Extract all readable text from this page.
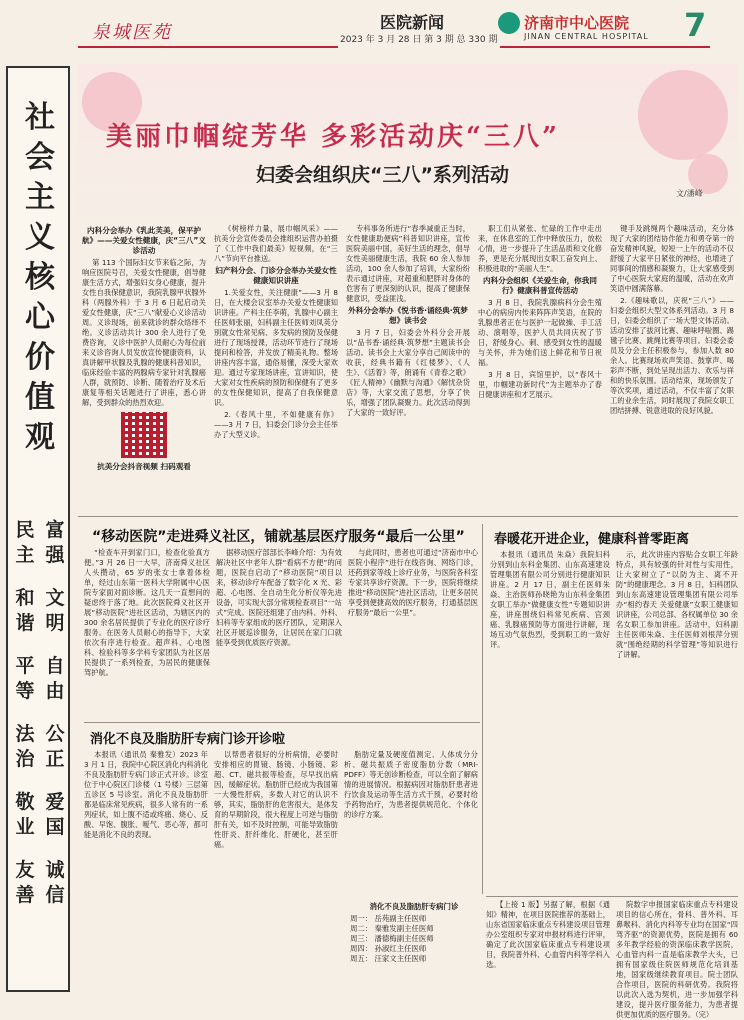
泉城医苑	医院新闻
2023 年 3 月 28 日 第 3 期 总 330 期
济南市中心医院
JINAN CENTRAL HOSPITAL 7
社会主义核心价值观
民主
富强
和谐
文明
平等
自由
法治
公正
敬业
爱国
友善
诚信
美丽巾帼绽芳华 多彩活动庆“三八”
妇委会组织庆“三八”系列活动
文/潘峰

内科分会举办《乳此芙美，保平护航》——关爱女性健康，庆“三八”义诊活动

第 113 个国际妇女节来临之际，为响应医院号召，关爱女性健康，倡导健康生活方式，增强妇女身心健康，提升女性自我保健意识，我院乳腺甲状腺外科（两腺外科）于 3 月 6 日起启动关爱女性健康，庆“三八”献爱心义诊活动周。义诊现场，前来就诊的群众络绎不绝。义诊活动共计 300 余人进行了免费咨询，义诊中医护人员耐心为每位前来义诊咨询人员发放宣传健康资料，认真讲解甲状腺及乳腺的健康科普知识，临床经验丰富的两腺病专家针对乳腺癌人群，就预防、诊断、随着治疗及术后康复等相关话题进行了讲座，悉心讲解，受到群众的热烈欢迎。

抗美分会抖音视频 扫码观看

《树榜样力量，展巾帼风采》——抗美分会宣传委员会推组织运营办拍摄了《工作中我们最美》短视频，在“三八”节向平台推送。

妇产科分会、门诊分会举办关爱女性健康知识讲座

1.关爱女性，关注健康”——3 月 8 日，在大楼会议室举办关爱女性健康知识讲座。产科主任李萌，乳腺中心副主任医师张丽，妇科副主任医师刘凤英分别就女性常见病、多发病的预防及保健进行了现场授课，活动环节进行了现场提问和检答，并发放了精美礼物。整场讲座内容丰富，通俗易懂，深受大家欢迎。通过专家现场讲座，宣讲知识，使大家对女性疾病的预防和保健有了更多的女性保健知识，提高了自我保健意识。

2.《春风十里，不如健康有你》——3 月 7 日，妇委会门诊分会主任举办了大型义诊。

专科事务所进行“春季减重正当时，女性健康助便病”科普知识讲座，宣传医院美丽中国，美好生活的理念，倡导女性美丽健康生活，我院 60 余人参加活动，100 余人参加了培训，大家纷纷表示通过讲座，对超重和肥胖对身体的危害有了更深刻的认识，提高了健康保健意识，受益匪浅。

外科分会举办《悦书香·诵经典·筑梦想》读书会

3 月 7 日，妇委会外科分会开展以“品书香·诵经典·筑梦想”主题读书会活动。读书会上大家分享自己阅读中的收获，经典书籍有《红楼梦》、《人生》、《活着》等，朗诵有《青春之歌》《匠人精神》《幽默与沟通》《解忧杂货店》等，大家交流了思想，分享了快乐，增强了团队凝聚力。此次活动得到了大家的一致好评。

职工们从紧张、忙碌的工作中走出来，在休息室的工作中释放压力，放松心情，进一步提升了生活品质和文化修养，更是充分展现出女职工奋发向上、积极进取的“美丽人生”。

内科分会组织《关爱生命，你我同行》健康科普宣传活动

3 月 8 日，我院乳腺病科分会生殖中心的病房内传来阵阵声笑语，在院的乳腺患者正在与医护一起做操、手工活动、演唱等，医护人员共同庆祝了节日，舒缓身心。刺、感受到女性的温暖与关怀，并为她们送上鲜花和节日祝福。

3 月 8 日，宾馆里护，以“春风十里，巾帼建功新时代”为主题举办了春日健康讲座和才艺展示。

键手及跳绳两个趣味活动，充分体现了大家的团结协作能力和勇夺第一的奋发精神风貌，短短一上午的活动不仅舒缓了大家平日紧张的神经，也增进了同事间的情感和凝聚力，让大家感受到了中心医院大家庭的温暖，活动在欢声笑语中圆满落幕。

2.《趣味歌以，庆祝“三八”》——妇委会组织大型文体系列活动。3 月 8 日，妇委会组织了一场大型文体活动。活动安排了拔河比赛、趣味呼啦圈、踢毽子比赛、跳绳比赛等项目。妇委会委员及分会主任积极参与，参加人数 80 余人。比赛现场欢声笑语、鼓掌声、喝彩声不断，到处呈现出活力、欢乐与祥和的快乐氛围。活动结束，现场颁发了等次奖项，通过活动，不仅丰富了女职工的业余生活，同时展现了我院女职工团结拼搏、锐意进取的良好风貌。

“移动医院”走进舜义社区，铺就基层医疗服务“最后一公里”

“检查车开到家门口，检查化验真方便。”3 月 26 日一大早，济南舜义社区人头攒动，65 岁的张女士拿着体检单，经过山东第一医科大学附属中心医院专家面对面诊断。这几天一直想问的疑虑终于落了地。此次医院舜义社区开展“移动医院”进社区活动，为辖区内的 300 余名居民提供了专业化的医疗诊疗服务。在医务人员耐心的指导下，大家依次有序进行检查。超声科、心电图科、检验科等多学科专家团队为社区居民提供了一系列检查，为居民的健康保驾护航。

据移动医疗部部长李峰介绍：为有效解决社区中老年人群“看病不方便”的问题，医院自启动了“移动医院”项目以来，移动诊疗车配备了数字化 X 光、彩超、心电图、全自动生化分析仪等先进设备，可实现大部分常规检查项目“一站式”完成。医院还组建了由内科、外科、妇科等专家组成的医疗团队，定期深入社区开展巡诊服务，让居民在家门口就能享受到优质医疗资源。

与此同时，患者也可通过“济南市中心医院小程序”进行在线咨询、网络门诊，还药到家等线上诊疗业务，与医院各科室专家共享诊疗资源。下一步，医院将继续推进“移动医院”进社区活动，让更多居民享受到便捷高效的医疗服务，打通基层医疗服务“最后一公里”。

春暖花开进企业，健康科普零距离

本报讯（通讯员 朱焱）我院妇科分别到山东科金集团、山东高速建设管理集团有限公司分别进行健康知识讲座。2 月 17 日，副主任医师朱焱、主治医师孙晓艳为山东科金集团女职工举办“做健康女性”专题知识讲座，讲座围绕妇科常见疾病、宫颈癌、乳腺癌预防等方面进行讲解，现场互动气氛热烈，受到职工的一致好评。

示，此次讲座内容贴合女职工年龄特点，具有较强的针对性与实用性，让大家树立了“以防为主、离不开防”的健康理念。3 月 8 日，妇科团队到山东高速建设管理集团有限公司举办“相约春天 关爱健康”女职工健康知识讲座，公司总部、各权属单位 30 余名女职工参加讲座。活动中，妇科副主任医师朱焱、主任医师刘根萍分别就“围绝经期的科学管理”等知识进行了讲解。

消化不良及脂肪肝专病门诊开诊啦

本报讯（通讯员 秦雅发）2023 年 3 月 1 日，我院中心院区消化内科消化不良及脂肪肝专病门诊正式开诊。诊室位于中心院区门诊楼（1 号楼）三层第五诊区 5 号诊室。消化不良及脂肪肝都是临床常见疾病，很多人常有的一系列症状，如上腹不适或疼痛、烧心、反酸、早饱、腹胀、嗳气、恶心等，都可能是消化不良的表现。

以帮患者很好的分析病情，必要时安排相应的胃镜、肠镜、小肠镜、彩超、CT、磁共振等检查，尽早找出病因，缓解症状。脂肪肝已经成为我国第一大慢性肝病，多数人对它的认识不够，其实，脂肪肝的危害很大，是体发育的早期阶段，很大程度上可逆与脂肪肝有关，如不及时控制，可能导致脂肪性肝炎、肝纤维化、肝硬化，甚至肝癌。

脂肪定量及硬度值测定、人体成分分析、磁共振质子密度脂肪分数（MRI-PDFF）等无创诊断检查，可以全面了解病情的进展情况。根据病因对脂肪肝患者进行饮食及运动等生活方式干预，必要时给予药物治疗，为患者提供规范化、个体化的诊疗方案。

消化不良及脂肪肝专病门诊
周一： 岳苑副主任医师
周二： 秦雅发副主任医师
周三： 潘德梅副主任医师
周四： 孙淑红主任医师
周五： 汪家文主任医师

【上接 1 版】另据了解，根据《通知》精神，在项目医院推荐的基础上，山东省国家临床重点专科建设项目管理办公室组织专家对申报材料进行评审，确定了此次国家临床重点专科建设项目，我院普外科、心血管内科等学科入选。

院数字申报国家临床重点专科建设项目的信心所在，骨科、普外科、耳鼻喉科、消化内科等专业均在国家“四驾齐驱”的资源优势，医院是拥有 60 多年教学经验的资深临床教学医院，心血管内科一直是临床教学大头，已拥有国家级住院医师规范化培训基地，国家级继续教育项目。院士团队合作项目，医院的科研优势。我院将以此次入选为契机，进一步加强学科建设，提升医疗服务能力，为患者提供更加优质的医疗服务。（完）
